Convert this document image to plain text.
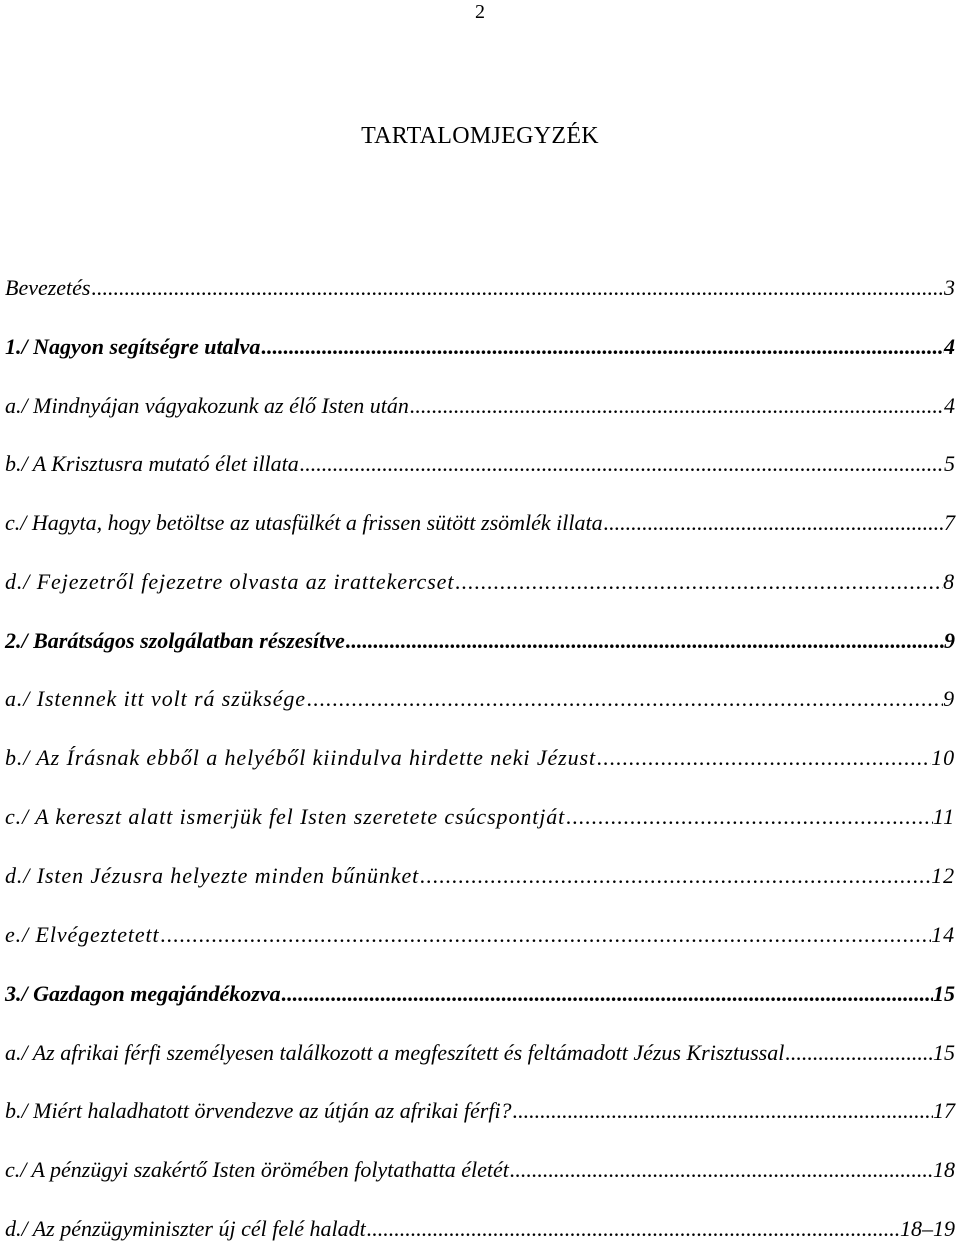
2
TARTALOMJEGYZÉK
Bevezetés .....	3
1./ Nagyon segítségre utalva .....	4
a./ Mindnyájan vágyakozunk az élő Isten után .....	4
b./ A Krisztusra mutató élet illata .....	5
c./ Hagyta, hogy betöltse az utasfülkét a frissen sütött zsömlék illata .....	7
d./ Fejezetről fejezetre olvasta az irattekercset .....	8
2./ Barátságos szolgálatban részesítve .....	9
a./ Istennek itt volt rá szüksége .....	9
b./ Az Írásnak ebből a helyéből kiindulva hirdette neki Jézust .....	10
c./ A kereszt alatt ismerjük fel Isten szeretete csúcspontját .....	11
d./ Isten Jézusra helyezte minden bűnünket .....	12
e./ Elvégeztetett .....	14
3./ Gazdagon megajándékozva .....	15
a./ Az afrikai férfi személyesen találkozott a megfeszített és feltámadott Jézus Krisztussal .....	15
b./ Miért haladhatott örvendezve az útján az afrikai férfi? .....	17
c./ A pénzügyi szakértő Isten örömében folytathatta életét .....	18
d./ Az pénzügyminiszter új cél felé haladt .....	18–19
